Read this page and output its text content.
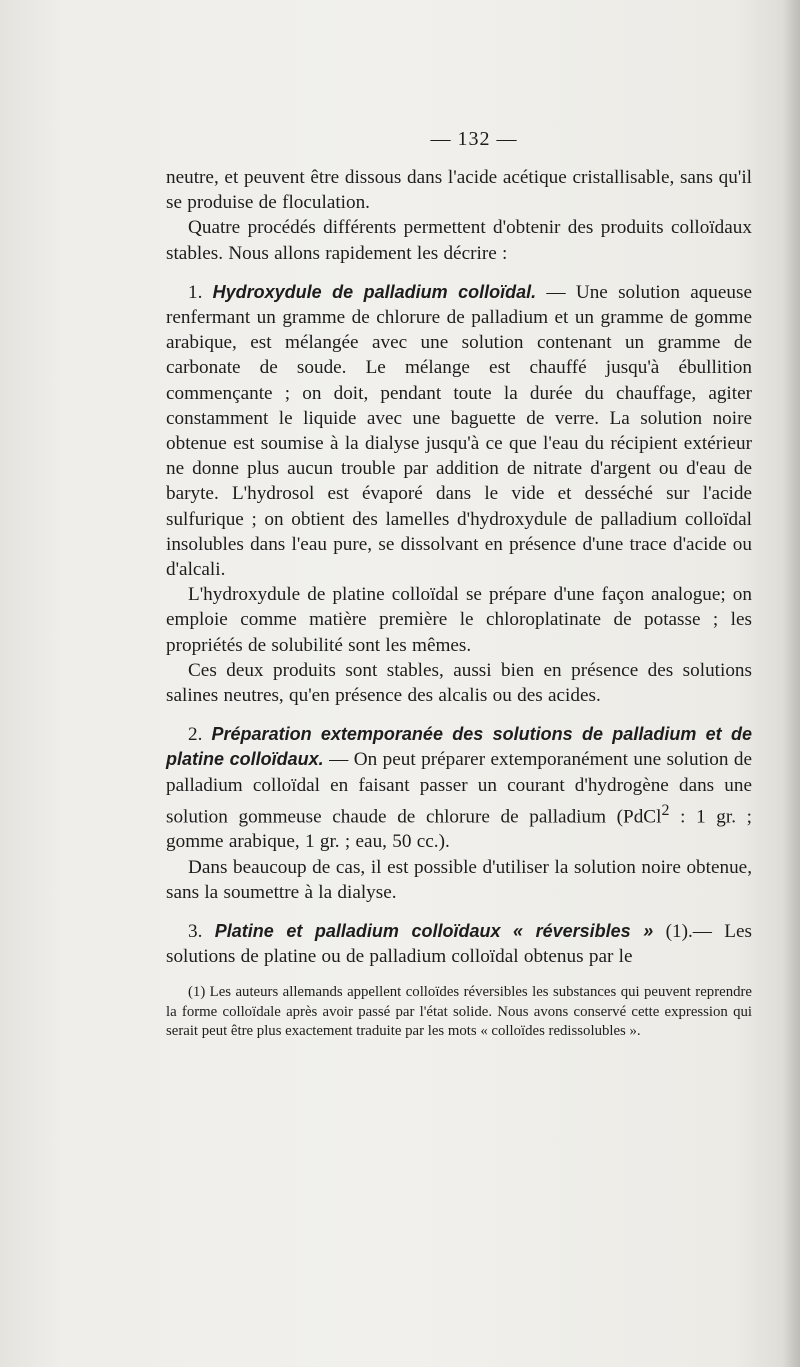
— 132 —

neutre, et peuvent être dissous dans l'acide acétique cristallisable, sans qu'il se produise de floculation.

Quatre procédés différents permettent d'obtenir des produits colloïdaux stables. Nous allons rapidement les décrire :

1. Hydroxydule de palladium colloïdal. — Une solution aqueuse renfermant un gramme de chlorure de palladium et un gramme de gomme arabique, est mélangée avec une solution contenant un gramme de carbonate de soude. Le mélange est chauffé jusqu'à ébullition commençante ; on doit, pendant toute la durée du chauffage, agiter constamment le liquide avec une baguette de verre. La solution noire obtenue est soumise à la dialyse jusqu'à ce que l'eau du récipient extérieur ne donne plus aucun trouble par addition de nitrate d'argent ou d'eau de baryte. L'hydrosol est évaporé dans le vide et desséché sur l'acide sulfurique ; on obtient des lamelles d'hydroxydule de palladium colloïdal insolubles dans l'eau pure, se dissolvant en présence d'une trace d'acide ou d'alcali.

L'hydroxydule de platine colloïdal se prépare d'une façon analogue; on emploie comme matière première le chloroplatinate de potasse ; les propriétés de solubilité sont les mêmes.

Ces deux produits sont stables, aussi bien en présence des solutions salines neutres, qu'en présence des alcalis ou des acides.

2. Préparation extemporanée des solutions de palladium et de platine colloïdaux. — On peut préparer extemporanément une solution de palladium colloïdal en faisant passer un courant d'hydrogène dans une solution gommeuse chaude de chlorure de palladium (PdCl$^2$ : 1 gr. ; gomme arabique, 1 gr. ; eau, 50 cc.).

Dans beaucoup de cas, il est possible d'utiliser la solution noire obtenue, sans la soumettre à la dialyse.

3. Platine et palladium colloïdaux « réversibles » (1).— Les solutions de platine ou de palladium colloïdal obtenus par le

(1) Les auteurs allemands appellent colloïdes réversibles les substances qui peuvent reprendre la forme colloïdale après avoir passé par l'état solide. Nous avons conservé cette expression qui serait peut être plus exactement traduite par les mots « colloïdes redissolubles ».
